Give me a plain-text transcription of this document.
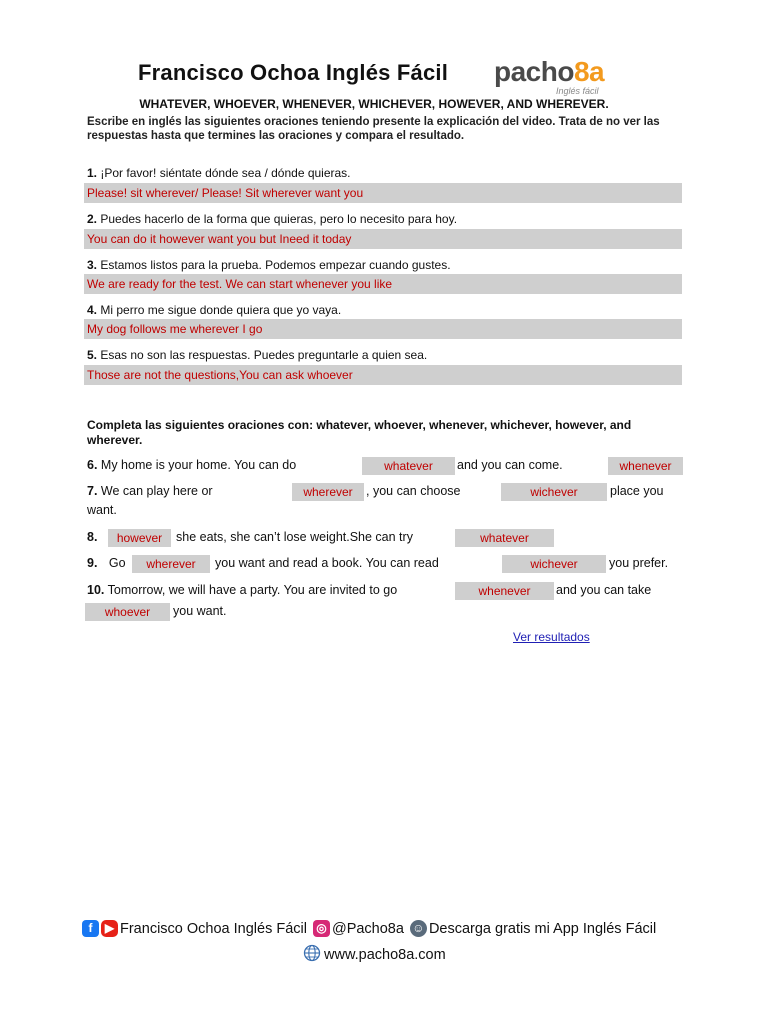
Francisco Ochoa Inglés Fácil pacho8a
Inglés fácil
WHATEVER, WHOEVER, WHENEVER, WHICHEVER, HOWEVER, AND WHEREVER.
Escribe en inglés las siguientes oraciones teniendo presente la explicación del video. Trata de no ver las respuestas hasta que termines las oraciones y compara el resultado.
1. ¡Por favor! siéntate dónde sea / dónde quieras.
Please! sit wherever/ Please! Sit wherever want you
2. Puedes hacerlo de la forma que quieras, pero lo necesito para hoy.
You can do it however want you but Ineed it today
3. Estamos listos para la prueba. Podemos empezar cuando gustes.
We are ready for the test. We can start whenever you like
4. Mi perro me sigue donde quiera que yo vaya.
My dog follows me wherever I go
5. Esas no son las respuestas. Puedes preguntarle a quien sea.
Those are not the questions,You can ask whoever
Completa las siguientes oraciones con: whatever, whoever, whenever, whichever, however, and wherever.
6. My home is your home. You can do	whatever	and you can come.	whenever
7. We can play here or	wherever	, you can choose	wichever	place you
want.
8.	however	she eats, she can’t lose weight.She can try	whatever
9. Go	wherever	you want and read a book. You can read	wichever	you prefer.
10. Tomorrow, we will have a party. You are invited to go	whenever	and you can take
whoever	you want.
Ver resultados
f	▶ Francisco Ochoa Inglés Fácil ◎ @Pacho8a ☺ Descarga gratis mi App Inglés Fácil
www.pacho8a.com
